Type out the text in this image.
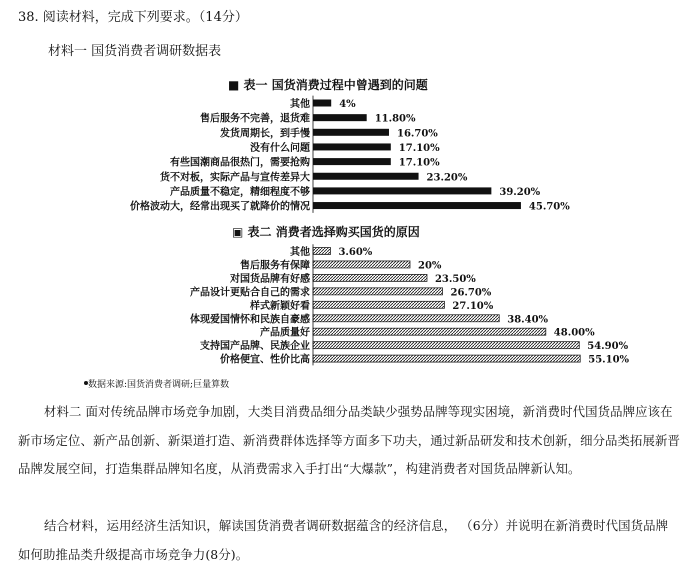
38. 阅读材料，完成下列要求。（14分）
材料一 国货消费者调研数据表
■ 表一 国货消费过程中曾遇到的问题
▣ 表二 消费者选择购买国货的原因
其他	4%
售后服务不完善，退货难	11.80%
发货周期长，到手慢	16.70%
没有什么问题	17.10%
有些国潮商品很热门，需要抢购	17.10%
货不对板，实际产品与宣传差异大	23.20%
产品质量不稳定，精细程度不够	39.20%
价格波动大，经常出现买了就降价的情况	45.70%
其他	3.60%
售后服务有保障	20%
对国货品牌有好感	23.50%
产品设计更贴合自己的需求	26.70%
样式新颖好看	27.10%
体现爱国情怀和民族自豪感	38.40%
产品质量好	48.00%
支持国产品牌、民族企业	54.90%
价格便宜、性价比高	55.10%
数据来源:国货消费者调研;巨量算数
材料二 面对传统品牌市场竞争加剧，大类目消费品细分品类缺少强势品牌等现实困境，新消费时代国货品牌应该在新市场定位、新产品创新、新渠道打造、新消费群体选择等方面多下功夫，通过新品研发和技术创新，细分品类拓展新晋品牌发展空间，打造集群品牌知名度，从消费需求入手打出“大爆款”，构建消费者对国货品牌新认知。
结合材料，运用经济生活知识，解读国货消费者调研数据蕴含的经济信息， （6分）并说明在新消费时代国货品牌如何助推品类升级提高市场竞争力(8分)。
